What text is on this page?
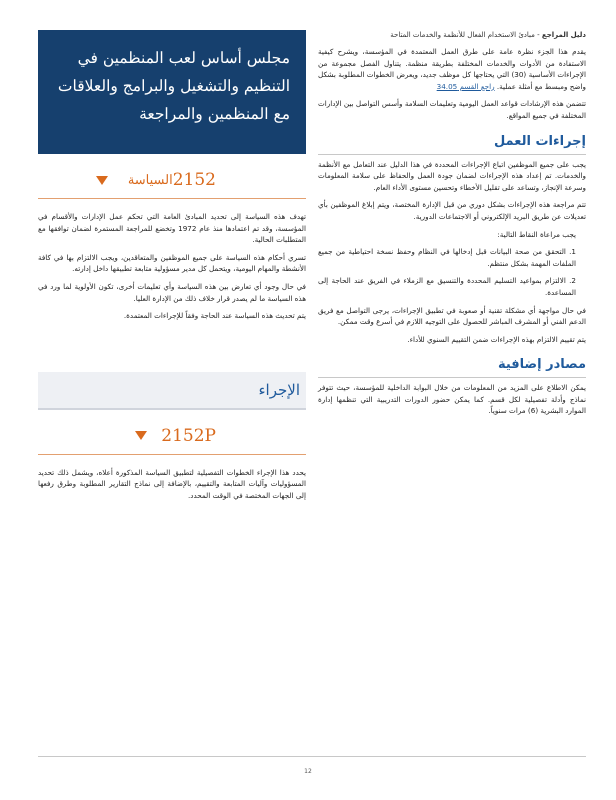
دليل المراجع - مبادئ الاستخدام الفعال للأنظمة والخدمات المتاحة

يقدم هذا الجزء نظرة عامة على طرق العمل المعتمدة في المؤسسة، ويشرح كيفية الاستفادة من الأدوات والخدمات المختلفة بطريقة منظمة. يتناول الفصل مجموعة من الإجراءات الأساسية (30) التي يحتاجها كل موظف جديد، ويعرض الخطوات المطلوبة بشكل واضح ومبسط مع أمثلة عملية. راجع القسم 34.05

تتضمن هذه الإرشادات قواعد العمل اليومية وتعليمات السلامة وأسس التواصل بين الإدارات المختلفة في جميع المواقع.

إجراءات العمل

يجب على جميع الموظفين اتباع الإجراءات المحددة في هذا الدليل عند التعامل مع الأنظمة والخدمات. تم إعداد هذه الإجراءات لضمان جودة العمل والحفاظ على سلامة المعلومات وسرعة الإنجاز، وتساعد على تقليل الأخطاء وتحسين مستوى الأداء العام.

تتم مراجعة هذه الإجراءات بشكل دوري من قبل الإدارة المختصة، ويتم إبلاغ الموظفين بأي تعديلات عن طريق البريد الإلكتروني أو الاجتماعات الدورية.

يجب مراعاة النقاط التالية:

1. التحقق من صحة البيانات قبل إدخالها في النظام وحفظ نسخة احتياطية من جميع الملفات المهمة بشكل منتظم.

2. الالتزام بمواعيد التسليم المحددة والتنسيق مع الزملاء في الفريق عند الحاجة إلى المساعدة.

في حال مواجهة أي مشكلة تقنية أو صعوبة في تطبيق الإجراءات، يرجى التواصل مع فريق الدعم الفني أو المشرف المباشر للحصول على التوجيه اللازم في أسرع وقت ممكن.

يتم تقييم الالتزام بهذه الإجراءات ضمن التقييم السنوي للأداء.

مصادر إضافية

يمكن الاطلاع على المزيد من المعلومات من خلال البوابة الداخلية للمؤسسة، حيث تتوفر نماذج وأدلة تفصيلية لكل قسم. كما يمكن حضور الدورات التدريبية التي تنظمها إدارة الموارد البشرية (6) مرات سنوياً.

مجلس أساس لعب المنظمين في التنظيم والتشغيل والبرامج والعلاقات مع المنظمين والمراجعة
2152
السياسة

تهدف هذه السياسة إلى تحديد المبادئ العامة التي تحكم عمل الإدارات والأقسام في المؤسسة، وقد تم اعتمادها منذ عام 1972 وتخضع للمراجعة المستمرة لضمان توافقها مع المتطلبات الحالية.

تسري أحكام هذه السياسة على جميع الموظفين والمتعاقدين، ويجب الالتزام بها في كافة الأنشطة والمهام اليومية، ويتحمل كل مدير مسؤولية متابعة تطبيقها داخل إدارته.

في حال وجود أي تعارض بين هذه السياسة وأي تعليمات أخرى، تكون الأولوية لما ورد في هذه السياسة ما لم يصدر قرار خلاف ذلك من الإدارة العليا.

يتم تحديث هذه السياسة عند الحاجة وفقاً للإجراءات المعتمدة.

الإجراء
2152P

يحدد هذا الإجراء الخطوات التفصيلية لتطبيق السياسة المذكورة أعلاه، ويشمل ذلك تحديد المسؤوليات وآليات المتابعة والتقييم، بالإضافة إلى نماذج التقارير المطلوبة وطرق رفعها إلى الجهات المختصة في الوقت المحدد.

12
